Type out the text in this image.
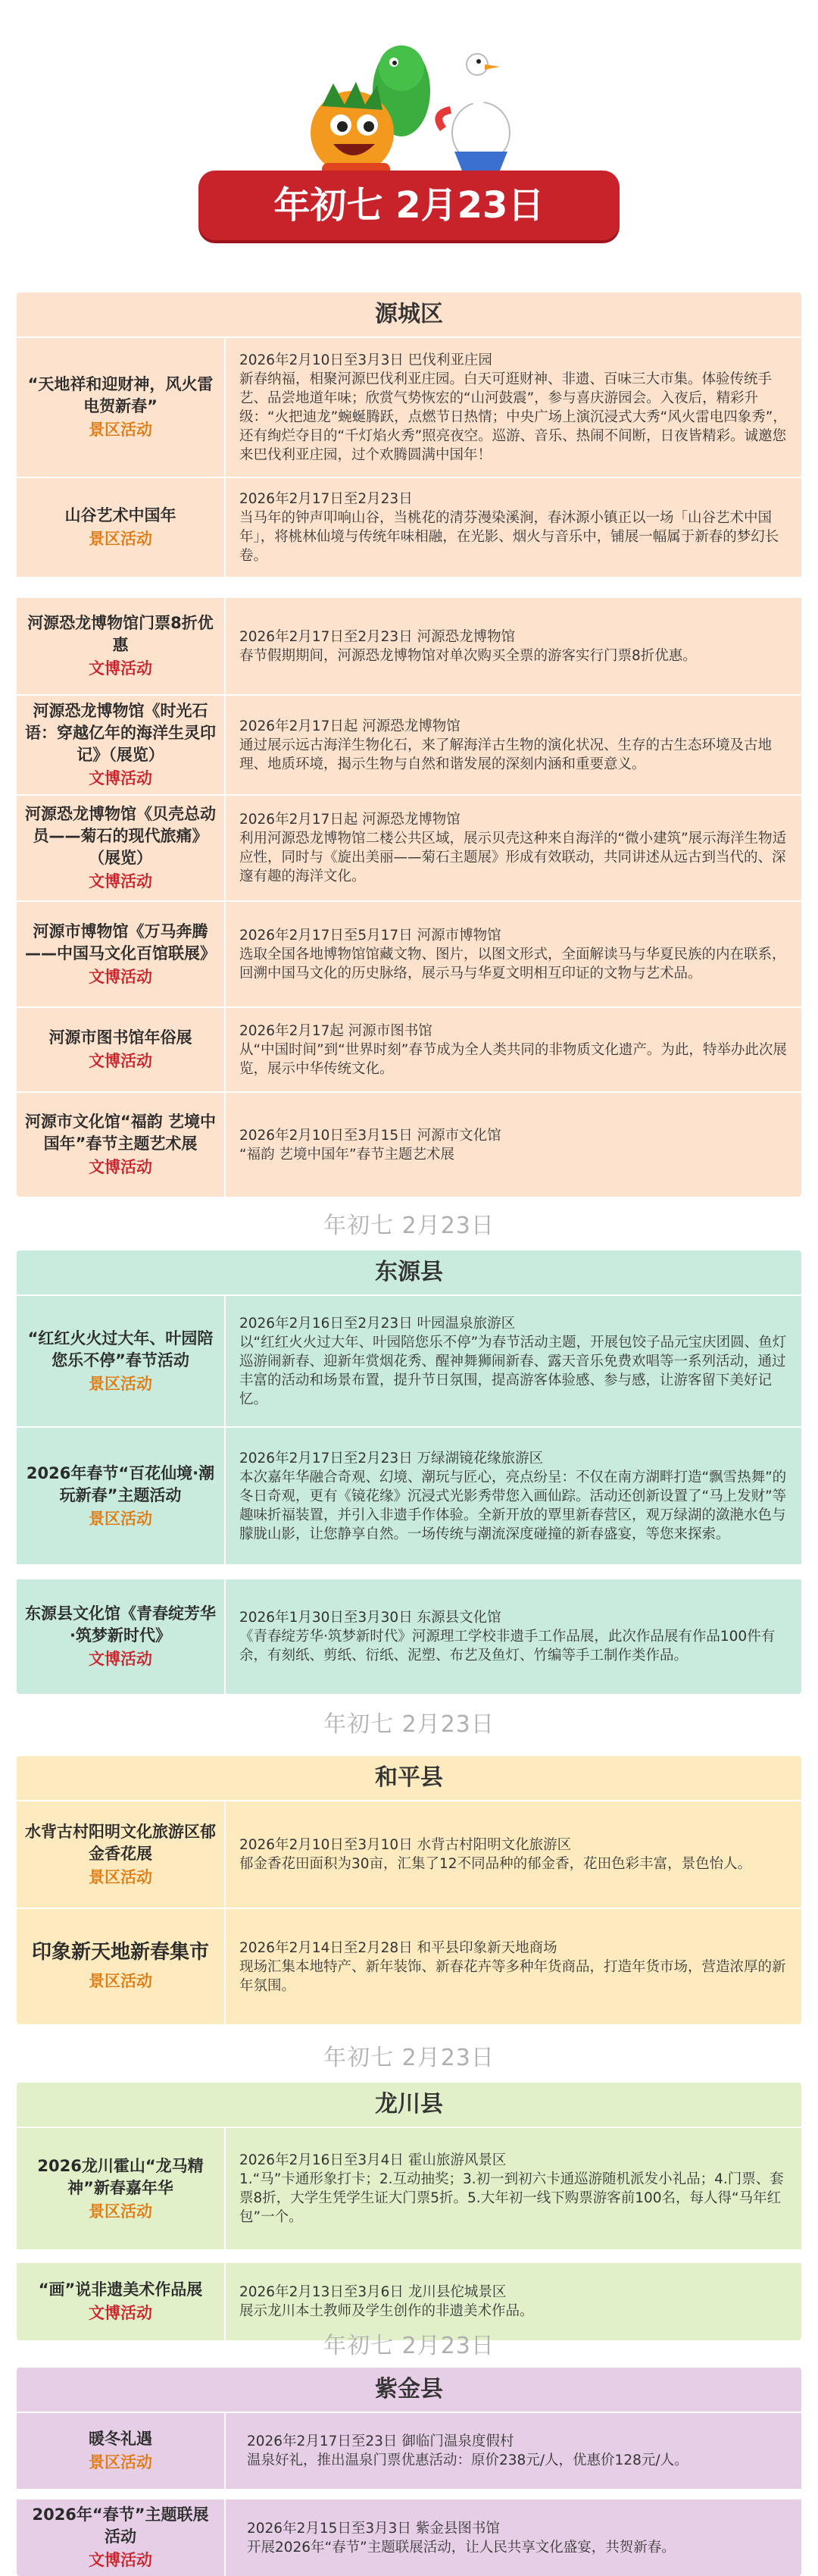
年初七 2月23日
源城区
“天地祥和迎财神，风火雷电贺新春”
景区活动
2026年2月10日至3月3日 巴伐利亚庄园
新春纳福，相聚河源巴伐利亚庄园。白天可逛财神、非遗、百味三大市集。体验传统手艺、品尝地道年味；欣赏气势恢宏的“山河鼓震”，参与喜庆游园会。入夜后，精彩升级：“火把迪龙”蜿蜒腾跃，点燃节日热情；中央广场上演沉浸式大秀“风火雷电四象秀”，还有绚烂夺目的“千灯焰火秀”照亮夜空。巡游、音乐、热闹不间断，日夜皆精彩。诚邀您来巴伐利亚庄园，过个欢腾圆满中国年！
山谷艺术中国年
景区活动
2026年2月17日至2月23日
当马年的钟声叩响山谷，当桃花的清芬漫染溪涧，春沐源小镇正以一场「山谷艺术中国年」，将桃林仙境与传统年味相融，在光影、烟火与音乐中，铺展一幅属于新春的梦幻长卷。
河源恐龙博物馆门票8折优惠
文博活动
2026年2月17日至2月23日 河源恐龙博物馆
春节假期期间，河源恐龙博物馆对单次购买全票的游客实行门票8折优惠。
河源恐龙博物馆《时光石语：穿越亿年的海洋生灵印记》（展览）
文博活动
2026年2月17日起 河源恐龙博物馆
通过展示远古海洋生物化石，来了解海洋古生物的演化状况、生存的古生态环境及古地理、地质环境，揭示生物与自然和谐发展的深刻内涵和重要意义。
河源恐龙博物馆《贝壳总动员——菊石的现代旅痛》（展览）
文博活动
2026年2月17日起 河源恐龙博物馆
利用河源恐龙博物馆二楼公共区域，展示贝壳这种来自海洋的“微小建筑”展示海洋生物适应性，同时与《旋出美丽——菊石主题展》形成有效联动，共同讲述从远古到当代的、深邃有趣的海洋文化。
河源市博物馆《万马奔腾——中国马文化百馆联展》
文博活动
2026年2月17日至5月17日 河源市博物馆
选取全国各地博物馆馆藏文物、图片，以图文形式，全面解读马与华夏民族的内在联系，回溯中国马文化的历史脉络，展示马与华夏文明相互印证的文物与艺术品。
河源市图书馆年俗展
文博活动
2026年2月17起 河源市图书馆
从“中国时间”到“世界时刻”春节成为全人类共同的非物质文化遗产。为此，特举办此次展览，展示中华传统文化。
河源市文化馆“福韵 艺境中国年”春节主题艺术展
文博活动
2026年2月10日至3月15日 河源市文化馆
“福韵 艺境中国年”春节主题艺术展
年初七 2月23日
东源县
“红红火火过大年、叶园陪您乐不停”春节活动
景区活动
2026年2月16日至2月23日 叶园温泉旅游区
以“红红火火过大年、叶园陪您乐不停”为春节活动主题，开展包饺子品元宝庆团圆、鱼灯巡游闹新春、迎新年赏烟花秀、醒神舞狮闹新春、露天音乐免费欢唱等一系列活动，通过丰富的活动和场景布置，提升节日氛围，提高游客体验感、参与感，让游客留下美好记忆。
2026年春节“百花仙境·潮玩新春”主题活动
景区活动
2026年2月17日至2月23日 万绿湖镜花缘旅游区
本次嘉年华融合奇观、幻境、潮玩与匠心，亮点纷呈：不仅在南方湖畔打造“飘雪热舞”的冬日奇观，更有《镜花缘》沉浸式光影秀带您入画仙踪。活动还创新设置了“马上发财”等趣味折福装置，并引入非遗手作体验。全新开放的覃里新春营区，观万绿湖的潋滟水色与朦胧山影，让您静享自然。一场传统与潮流深度碰撞的新春盛宴，等您来探索。
东源县文化馆《青春绽芳华·筑梦新时代》
文博活动
2026年1月30日至3月30日 东源县文化馆
《青春绽芳华·筑梦新时代》河源理工学校非遗手工作品展，此次作品展有作品100件有余，有刻纸、剪纸、衍纸、泥塑、布艺及鱼灯、竹编等手工制作类作品。
年初七 2月23日
和平县
水背古村阳明文化旅游区郁金香花展
景区活动
2026年2月10日至3月10日 水背古村阳明文化旅游区
郁金香花田面积为30亩，汇集了12不同品种的郁金香，花田色彩丰富，景色怡人。
印象新天地新春集市
景区活动
2026年2月14日至2月28日 和平县印象新天地商场
现场汇集本地特产、新年装饰、新春花卉等多种年货商品，打造年货市场，营造浓厚的新年氛围。
年初七 2月23日
龙川县
2026龙川霍山“龙马精神”新春嘉年华
景区活动
2026年2月16日至3月4日 霍山旅游风景区
1.“马”卡通形象打卡；2.互动抽奖；3.初一到初六卡通巡游随机派发小礼品；4.门票、套票8折，大学生凭学生证大门票5折。5.大年初一线下购票游客前100名，每人得“马年红包”一个。
“画”说非遗美术作品展
文博活动
2026年2月13日至3月6日 龙川县佗城景区
展示龙川本土教师及学生创作的非遗美术作品。
年初七 2月23日
紫金县
暖冬礼遇
景区活动
2026年2月17日至23日 御临门温泉度假村
温泉好礼，推出温泉门票优惠活动：原价238元/人，优惠价128元/人。
2026年“春节”主题联展活动
文博活动
2026年2月15日至3月3日 紫金县图书馆
开展2026年“春节”主题联展活动，让人民共享文化盛宴，共贺新春。
